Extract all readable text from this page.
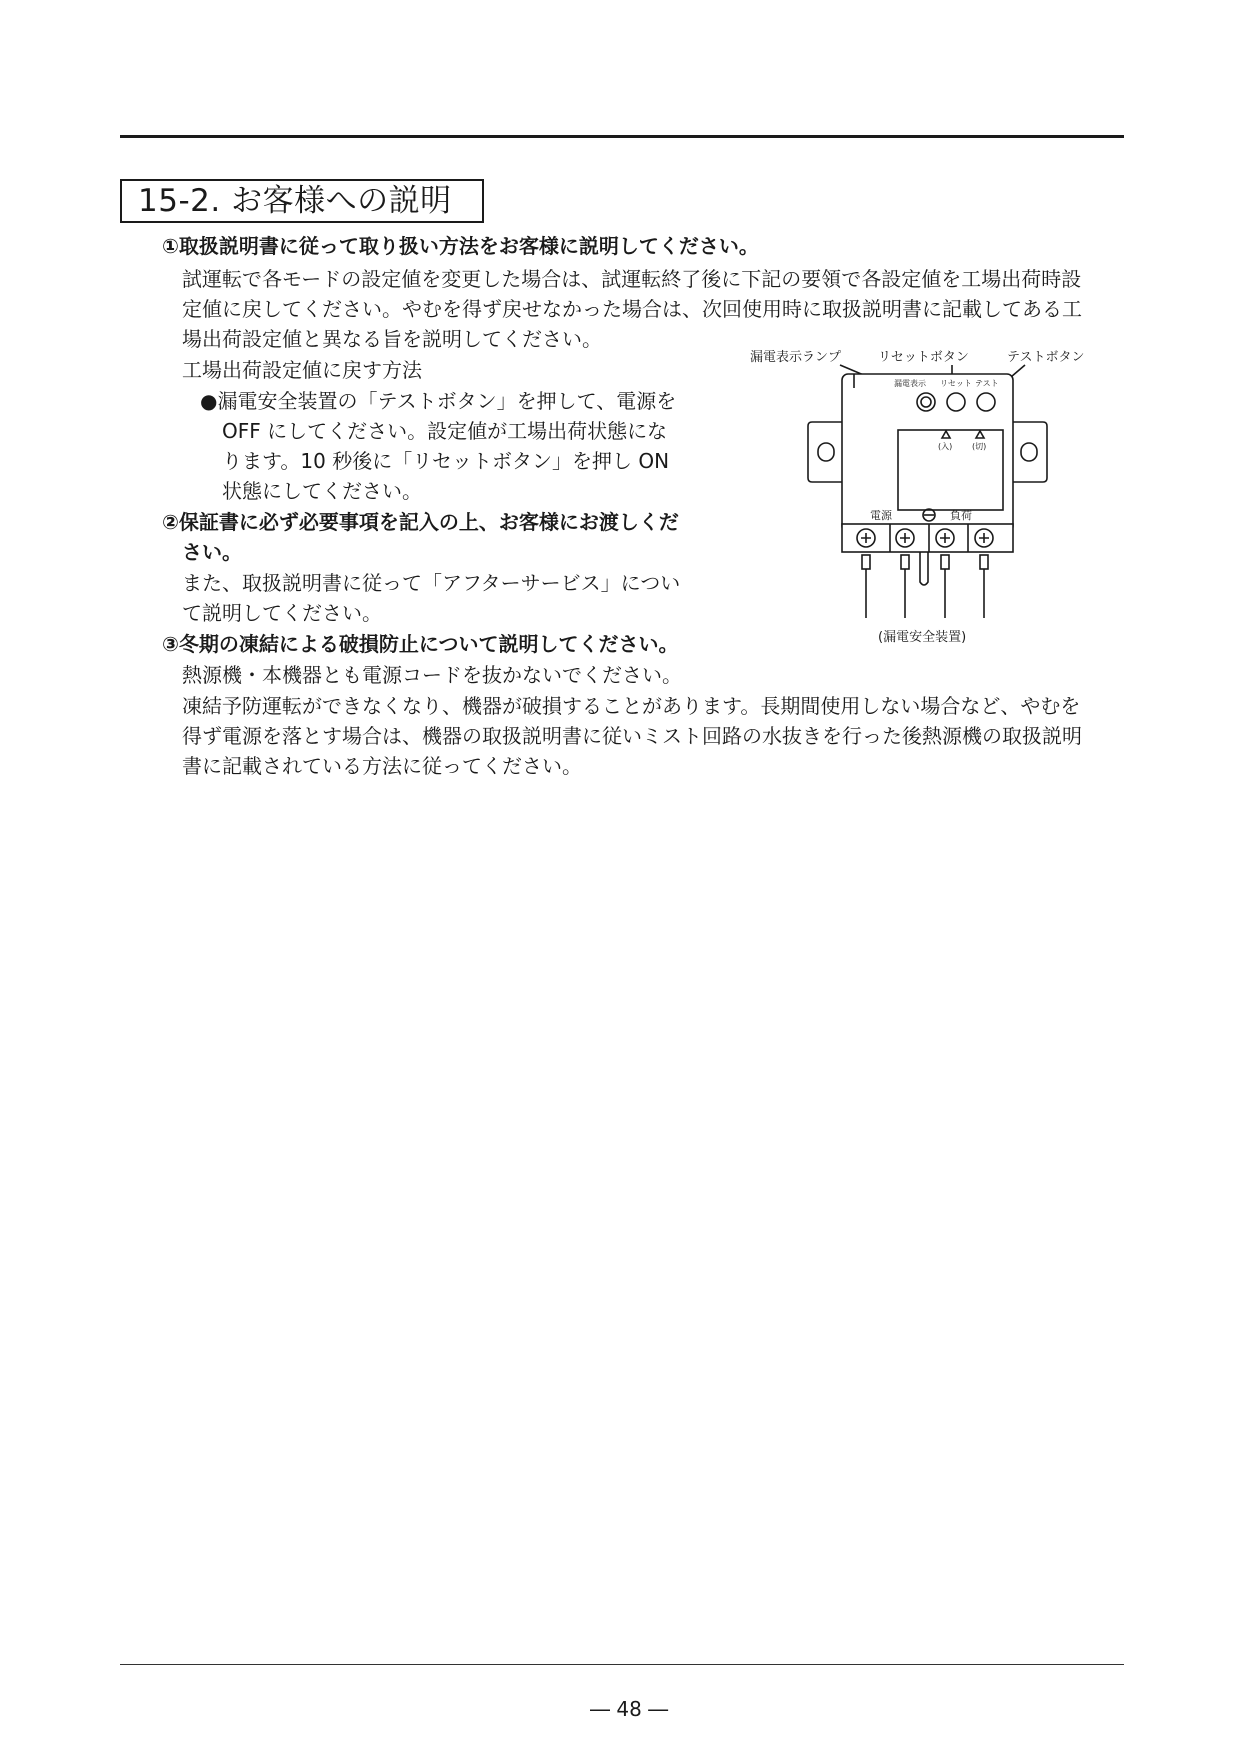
15-2. お客様への説明
①取扱説明書に従って取り扱い方法をお客様に説明してください。
試運転で各モードの設定値を変更した場合は、試運転終了後に下記の要領で各設定値を工場出荷時設
定値に戻してください。やむを得ず戻せなかった場合は、次回使用時に取扱説明書に記載してある工
場出荷設定値と異なる旨を説明してください。
工場出荷設定値に戻す方法
●漏電安全装置の「テストボタン」を押して、電源を
OFF にしてください。設定値が工場出荷状態にな
ります。10 秒後に「リセットボタン」を押し ON
状態にしてください。
②保証書に必ず必要事項を記入の上、お客様にお渡しくだ
さい。
また、取扱説明書に従って「アフターサービス」につい
て説明してください。
③冬期の凍結による破損防止について説明してください。
熱源機・本機器とも電源コードを抜かないでください。
凍結予防運転ができなくなり、機器が破損することがあります。長期間使用しない場合など、やむを
得ず電源を落とす場合は、機器の取扱説明書に従いミスト回路の水抜きを行った後熱源機の取扱説明
書に記載されている方法に従ってください。
漏電表示ランプ	リセットボタン	テストボタン
漏電表示 リセット テスト
(入) (切)
電源	負荷
(漏電安全装置)
― 48 ―
